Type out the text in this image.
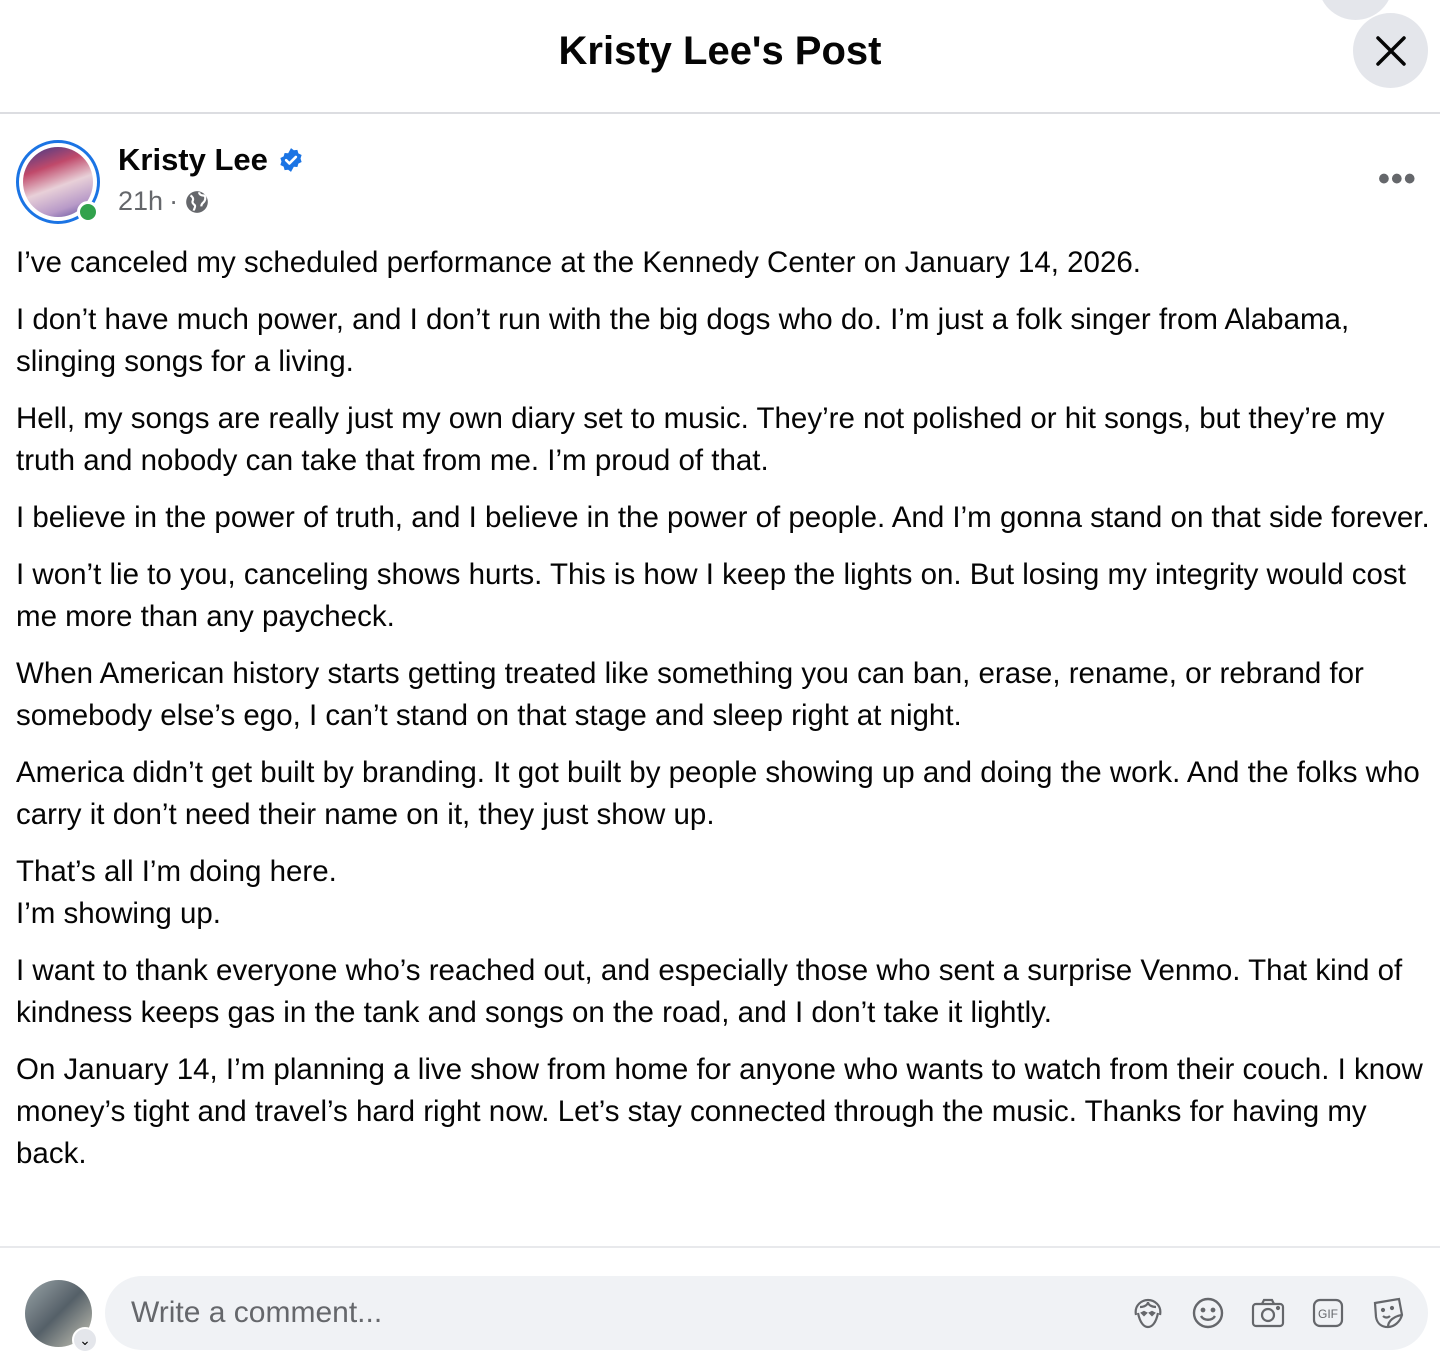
Kristy Lee's Post
Kristy Lee
21h ·
•••

I’ve canceled my scheduled performance at the Kennedy Center on January 14, 2026.

I don’t have much power, and I don’t run with the big dogs who do. I’m just a folk singer from Alabama, slinging songs for a living.

Hell, my songs are really just my own diary set to music. They’re not polished or hit songs, but they’re my truth and nobody can take that from me. I’m proud of that.

I believe in the power of truth, and I believe in the power of people. And I’m gonna stand on that side forever.

I won’t lie to you, canceling shows hurts. This is how I keep the lights on. But losing my integrity would cost me more than any paycheck.

When American history starts getting treated like something you can ban, erase, rename, or rebrand for somebody else’s ego, I can’t stand on that stage and sleep right at night.

America didn’t get built by branding. It got built by people showing up and doing the work. And the folks who carry it don’t need their name on it, they just show up.

That’s all I’m doing here.
I’m showing up.

I want to thank everyone who’s reached out, and especially those who sent a surprise Venmo. That kind of kindness keeps gas in the tank and songs on the road, and I don’t take it lightly.

On January 14, I’m planning a live show from home for anyone who wants to watch from their couch. I know money’s tight and travel’s hard right now. Let’s stay connected through the music. Thanks for having my back.

⌄
Write a comment...
GIF
